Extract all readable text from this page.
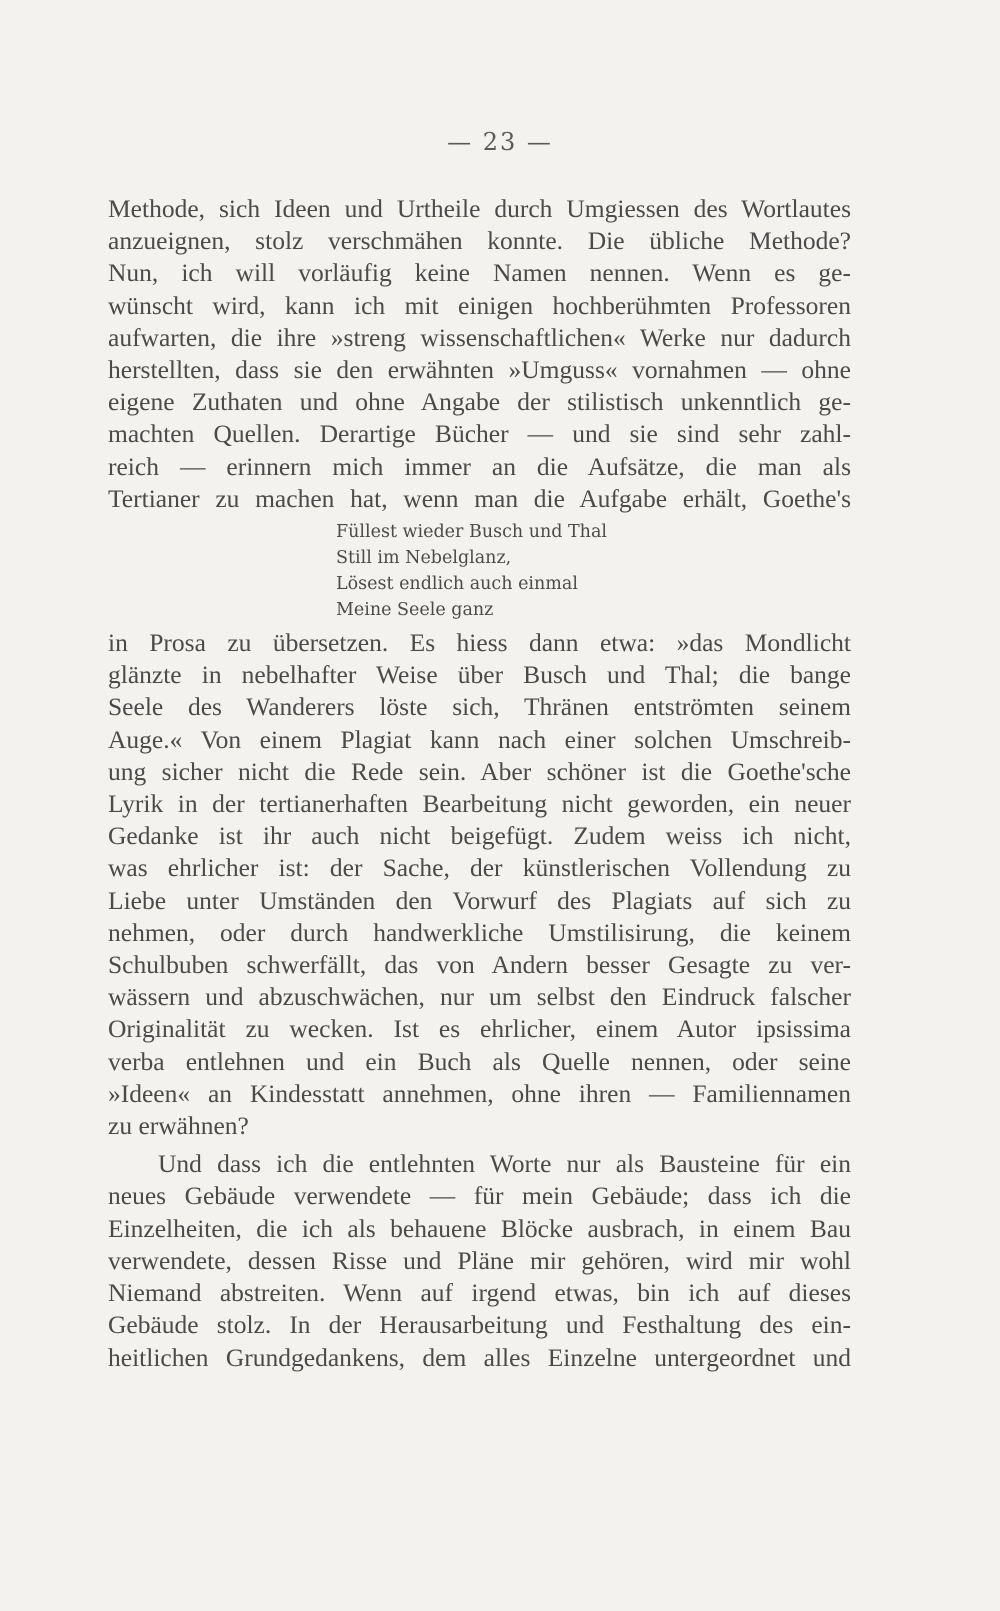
— 23 —
Methode, sich Ideen und Urtheile durch Umgiessen des Wortlautes
anzueignen, stolz verschmähen konnte. Die übliche Methode?
Nun, ich will vorläufig keine Namen nennen. Wenn es ge-
wünscht wird, kann ich mit einigen hochberühmten Professoren
aufwarten, die ihre »streng wissenschaftlichen« Werke nur dadurch
herstellten, dass sie den erwähnten »Umguss« vornahmen — ohne
eigene Zuthaten und ohne Angabe der stilistisch unkenntlich ge-
machten Quellen. Derartige Bücher — und sie sind sehr zahl-
reich — erinnern mich immer an die Aufsätze, die man als
Tertianer zu machen hat, wenn man die Aufgabe erhält, Goethe's
Füllest wieder Busch und Thal
Still im Nebelglanz,
Lösest endlich auch einmal
Meine Seele ganz
in Prosa zu übersetzen. Es hiess dann etwa: »das Mondlicht
glänzte in nebelhafter Weise über Busch und Thal; die bange
Seele des Wanderers löste sich, Thränen entströmten seinem
Auge.« Von einem Plagiat kann nach einer solchen Umschreib-
ung sicher nicht die Rede sein. Aber schöner ist die Goethe'sche
Lyrik in der tertianerhaften Bearbeitung nicht geworden, ein neuer
Gedanke ist ihr auch nicht beigefügt. Zudem weiss ich nicht,
was ehrlicher ist: der Sache, der künstlerischen Vollendung zu
Liebe unter Umständen den Vorwurf des Plagiats auf sich zu
nehmen, oder durch handwerkliche Umstilisirung, die keinem
Schulbuben schwerfällt, das von Andern besser Gesagte zu ver-
wässern und abzuschwächen, nur um selbst den Eindruck falscher
Originalität zu wecken. Ist es ehrlicher, einem Autor ipsissima
verba entlehnen und ein Buch als Quelle nennen, oder seine
»Ideen« an Kindesstatt annehmen, ohne ihren — Familiennamen
zu erwähnen?
Und dass ich die entlehnten Worte nur als Bausteine für ein
neues Gebäude verwendete — für mein Gebäude; dass ich die
Einzelheiten, die ich als behauene Blöcke ausbrach, in einem Bau
verwendete, dessen Risse und Pläne mir gehören, wird mir wohl
Niemand abstreiten. Wenn auf irgend etwas, bin ich auf dieses
Gebäude stolz. In der Herausarbeitung und Festhaltung des ein-
heitlichen Grundgedankens, dem alles Einzelne untergeordnet und
